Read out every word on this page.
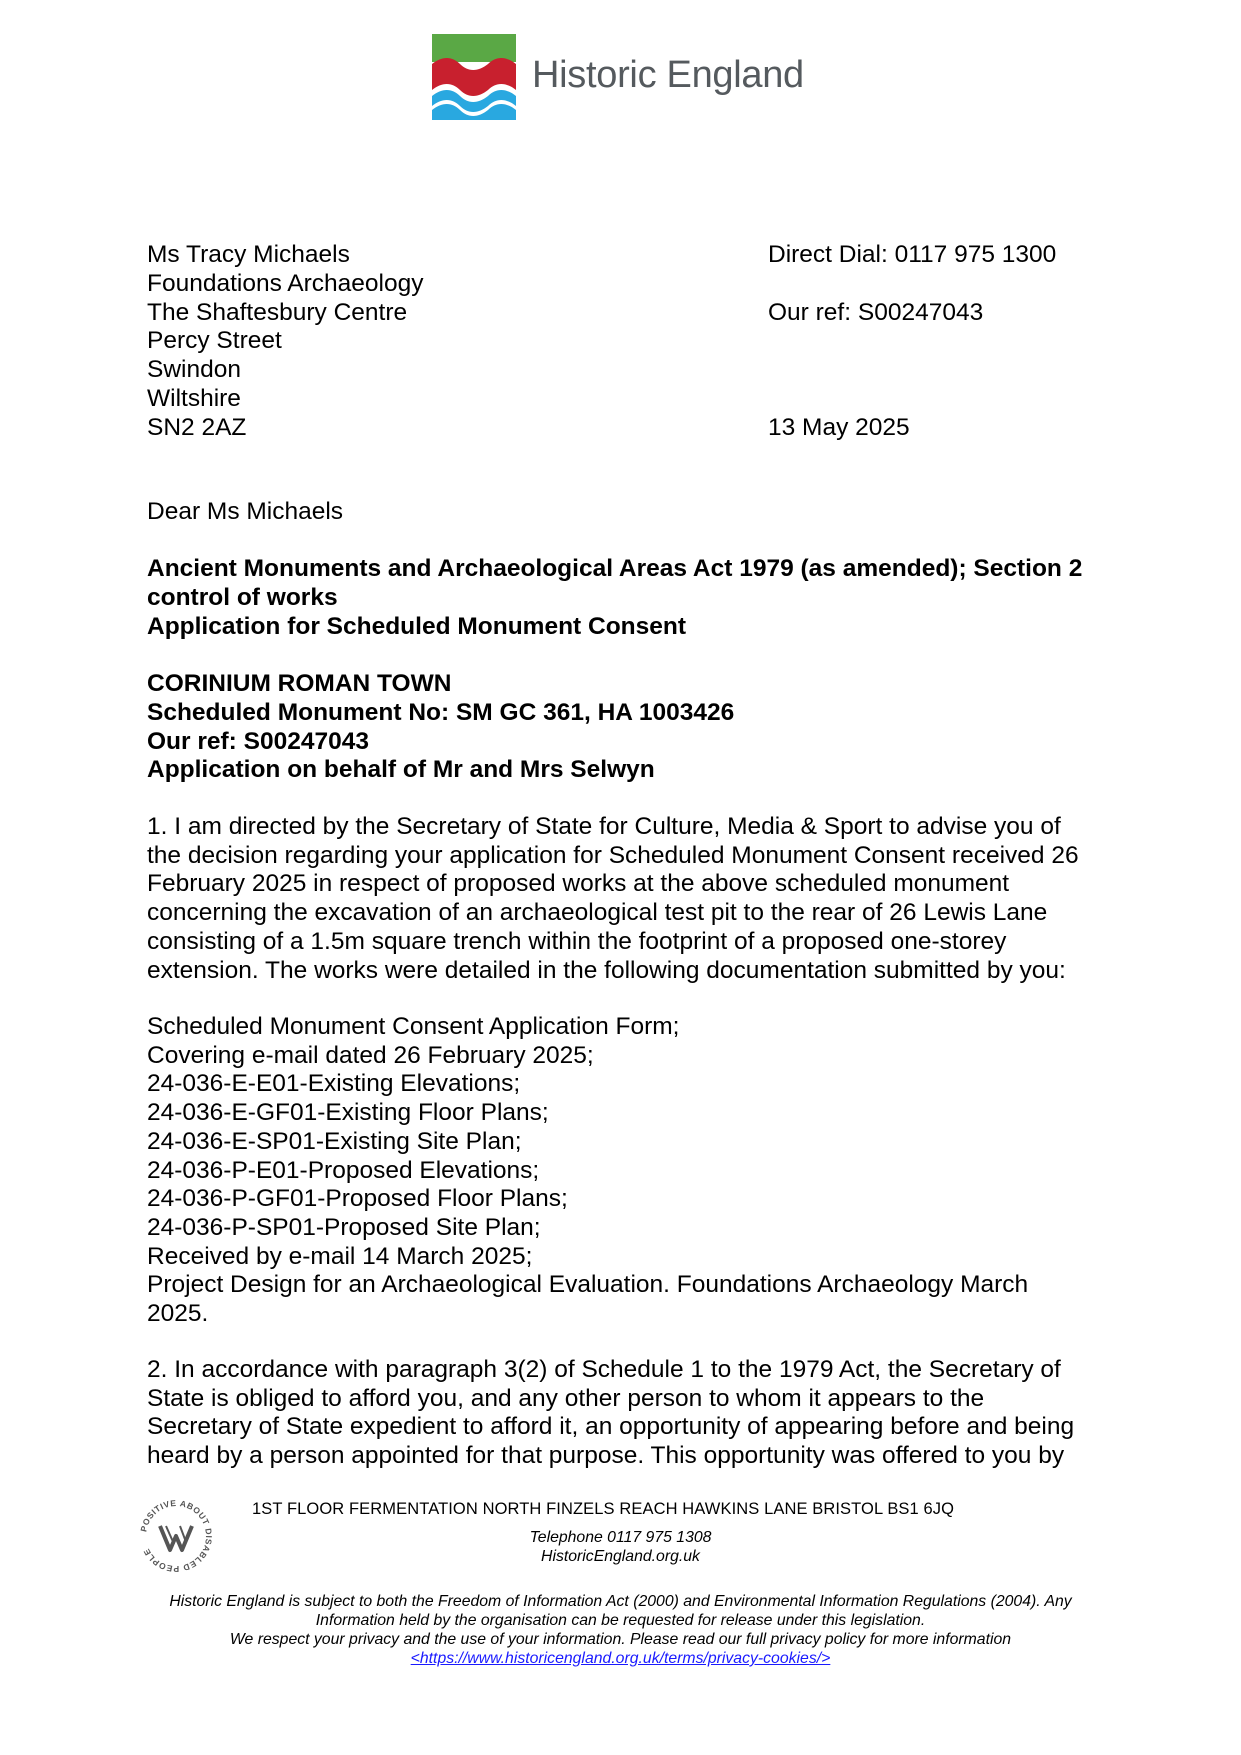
Historic England
Ms Tracy Michaels
Foundations Archaeology
The Shaftesbury Centre
Percy Street
Swindon
Wiltshire
SN2 2AZ
Direct Dial: 0117 975 1300
Our ref: S00247043
13 May 2025
Dear Ms Michaels
Ancient Monuments and Archaeological Areas Act 1979 (as amended); Section 2
control of works
Application for Scheduled Monument Consent
CORINIUM ROMAN TOWN
Scheduled Monument No: SM GC 361, HA 1003426
Our ref: S00247043
Application on behalf of Mr and Mrs Selwyn
1. I am directed by the Secretary of State for Culture, Media & Sport to advise you of
the decision regarding your application for Scheduled Monument Consent received 26
February 2025 in respect of proposed works at the above scheduled monument
concerning the excavation of an archaeological test pit to the rear of 26 Lewis Lane
consisting of a 1.5m square trench within the footprint of a proposed one-storey
extension. The works were detailed in the following documentation submitted by you:
Scheduled Monument Consent Application Form;
Covering e-mail dated 26 February 2025;
24-036-E-E01-Existing Elevations;
24-036-E-GF01-Existing Floor Plans;
24-036-E-SP01-Existing Site Plan;
24-036-P-E01-Proposed Elevations;
24-036-P-GF01-Proposed Floor Plans;
24-036-P-SP01-Proposed Site Plan;
Received by e-mail 14 March 2025;
Project Design for an Archaeological Evaluation. Foundations Archaeology March
2025.
2. In accordance with paragraph 3(2) of Schedule 1 to the 1979 Act, the Secretary of
State is obliged to afford you, and any other person to whom it appears to the
Secretary of State expedient to afford it, an opportunity of appearing before and being
heard by a person appointed for that purpose. This opportunity was offered to you by
POSITIVE ABOUT DISABLED PEOPLE
1ST FLOOR FERMENTATION NORTH FINZELS REACH HAWKINS LANE BRISTOL BS1 6JQ
Telephone 0117 975 1308
HistoricEngland.org.uk
Historic England is subject to both the Freedom of Information Act (2000) and Environmental Information Regulations (2004). Any
Information held by the organisation can be requested for release under this legislation.
We respect your privacy and the use of your information. Please read our full privacy policy for more information
<https://www.historicengland.org.uk/terms/privacy-cookies/>
